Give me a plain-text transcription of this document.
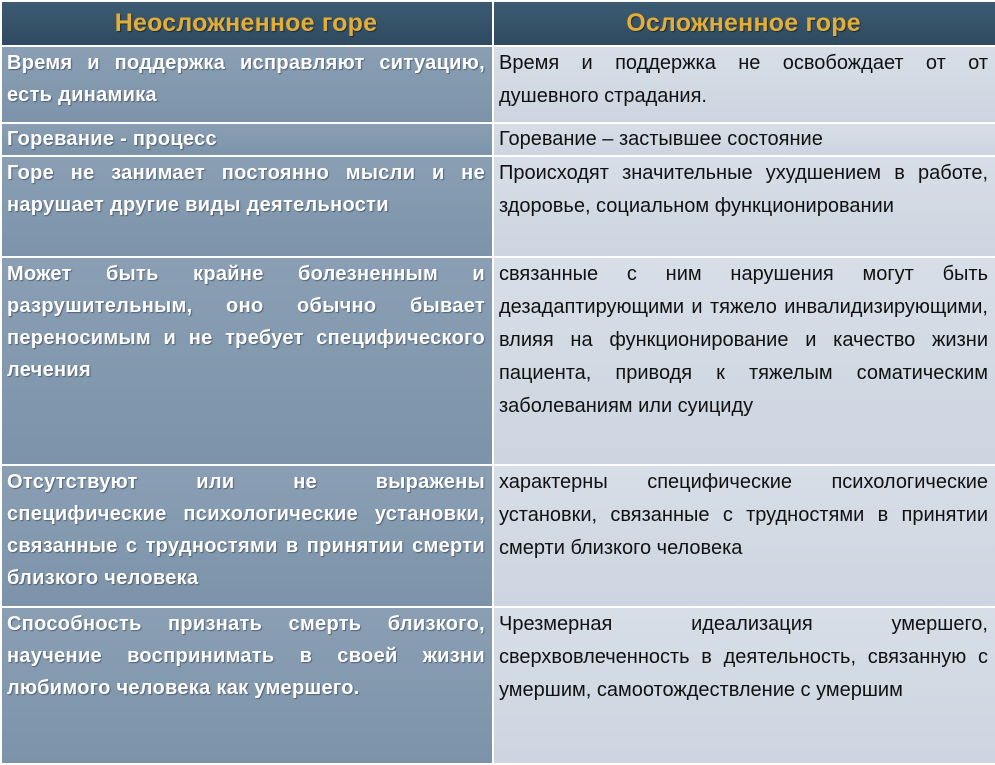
Неосложненное горе	Осложненное горе
Время и поддержка исправляют ситуацию, есть динамика	Время и поддержка не освобождает от от душевного страдания.
Горевание - процесс	Горевание – застывшее состояние
Горе не занимает постоянно мысли и не нарушает другие виды деятельности	Происходят значительные ухудшением в работе, здоровье, социальном функционировании
Может быть крайне болезненным и разрушительным, оно обычно бывает переносимым и не требует специфического лечения	связанные с ним нарушения могут быть дезадаптирующими и тяжело инвалидизирующими, влияя на функционирование и качество жизни пациента, приводя к тяжелым соматическим заболеваниям или суициду
Отсутствуют или не выражены специфические психологические установки, связанные с трудностями в принятии смерти близкого человека	характерны специфические психологические установки, связанные с трудностями в принятии смерти близкого человека
Способность признать смерть близкого, научение воспринимать в своей жизни любимого человека как умершего.	Чрезмерная идеализация умершего, сверхвовлеченность в деятельность, связанную с умершим, самоотождествление с умершим
